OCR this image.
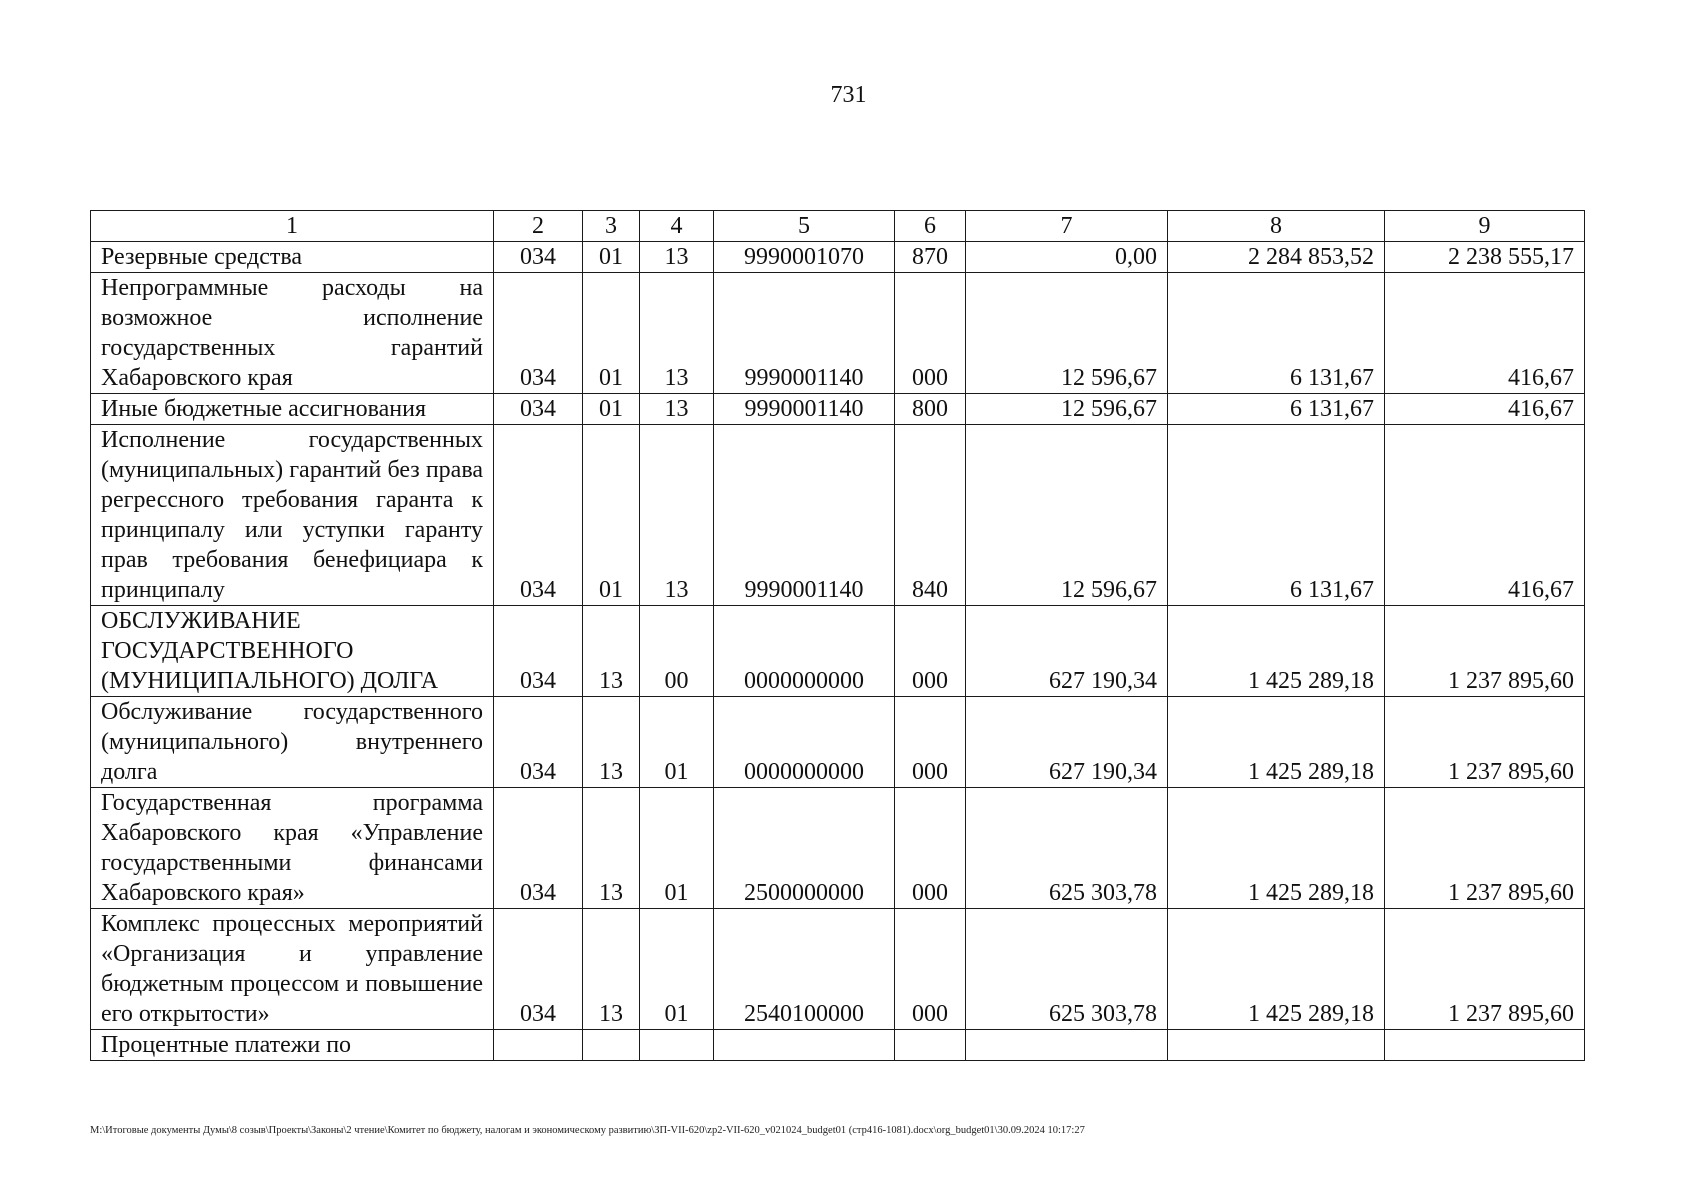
731
1	2	3	4	5	6	7	8	9
Резервные средства	034	01	13	9990001070	870	0,00	2 284 853,52	2 238 555,17
Непрограммные расходы на возможное исполнение государственных гарантий Хабаровского края	034	01	13	9990001140	000	12 596,67	6 131,67	416,67
Иные бюджетные ассигнования	034	01	13	9990001140	800	12 596,67	6 131,67	416,67
Исполнение государственных (муниципальных) гарантий без права регрессного требования гаранта к принципалу или уступки гаранту прав требования бенефициара к принципалу	034	01	13	9990001140	840	12 596,67	6 131,67	416,67
ОБСЛУЖИВАНИЕ ГОСУДАРСТВЕННОГО (МУНИЦИПАЛЬНОГО) ДОЛГА	034	13	00	0000000000	000	627 190,34	1 425 289,18	1 237 895,60
Обслуживание государственного (муниципального) внутреннего долга	034	13	01	0000000000	000	627 190,34	1 425 289,18	1 237 895,60
Государственная программа Хабаровского края «Управление государственными финансами Хабаровского края»	034	13	01	2500000000	000	625 303,78	1 425 289,18	1 237 895,60
Комплекс процессных мероприятий «Организация и управление бюджетным процессом и повышение его открытости»	034	13	01	2540100000	000	625 303,78	1 425 289,18	1 237 895,60
Процентные платежи по								
M:\Итоговые документы Думы\8 созыв\Проекты\Законы\2 чтение\Комитет по бюджету, налогам и экономическому развитию\ЗП-VII-620\zp2-VII-620_v021024_budget01 (стр416-1081).docx\org_budget01\30.09.2024 10:17:27
